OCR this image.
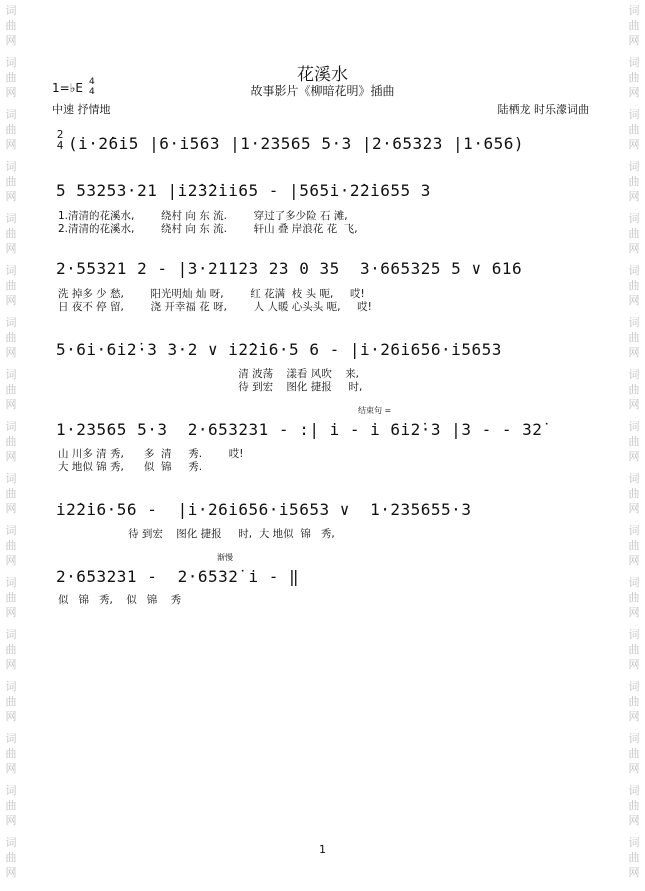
词
曲
网
词
曲
网
词
曲
网
词
曲
网
词
曲
网
词
曲
网
词
曲
网
词
曲
网
词
曲
网
词
曲
网
词
曲
网
词
曲
网
词
曲
网
词
曲
网
词
曲
网
词
曲
网
词
曲
网
词
曲
网
词
曲
网
词
曲
网
词
曲
网
词
曲
网
词
曲
网
词
曲
网
词
曲
网
词
曲
网
词
曲
网
词
曲
网
词
曲
网
词
曲
网
词
曲
网
词
曲
网
词
曲
网
词
曲
网
花溪水
故事影片《柳暗花明》插曲
1=♭E 4
4
中速 抒情地	陆栖龙 时乐濛词曲
2
4 (i·2̇6i5 |6·i563 |1·23565 5·3 |2·65323 |1·656)
5 53253·21 |i2̇3̇2̇ii65 - |565i·2̇2̇i655 3
1.清清的花溪水,        绕村 向 东 流.        穿过了多少险 石 滩,
2.清清的花溪水,        绕村 向 东 流.        轩山 叠 岸浪花 花  飞,
2·55321 2 - |3·21123 23 0 35  3·665325 5 ∨ 616
洗 掉多 少 愁,        阳光明灿 灿 呀,        红 花满  枝 头 呃,     哎!
日 夜不 停 留,        浇 开幸福 花 呀,        人 人暖 心头头 呃,     哎!
5·6i·6i2̇·3 3·2 ∨ i2̇2̇i6·5 6 - |i·26i656·i5653
清 波荡    漾看 风吹    来,
待 到宏    图化 捷报     时,
结束句 =
1·23565 5·3  2·653231 - :| i - i 6i2̇·3 |3 - - 32̇
山 川多 清 秀,      多  清     秀.        哎!
大 地似 锦 秀,      似  锦     秀.
i2̇2̇i6·56 -  |i·26i656·i5653 ∨  1·235655·3
待 到宏    图化 捷报     时,  大 地似  锦   秀,
渐慢
2·653231 -  2·6532̇ i - ‖
似   锦   秀,    似   锦    秀
1
